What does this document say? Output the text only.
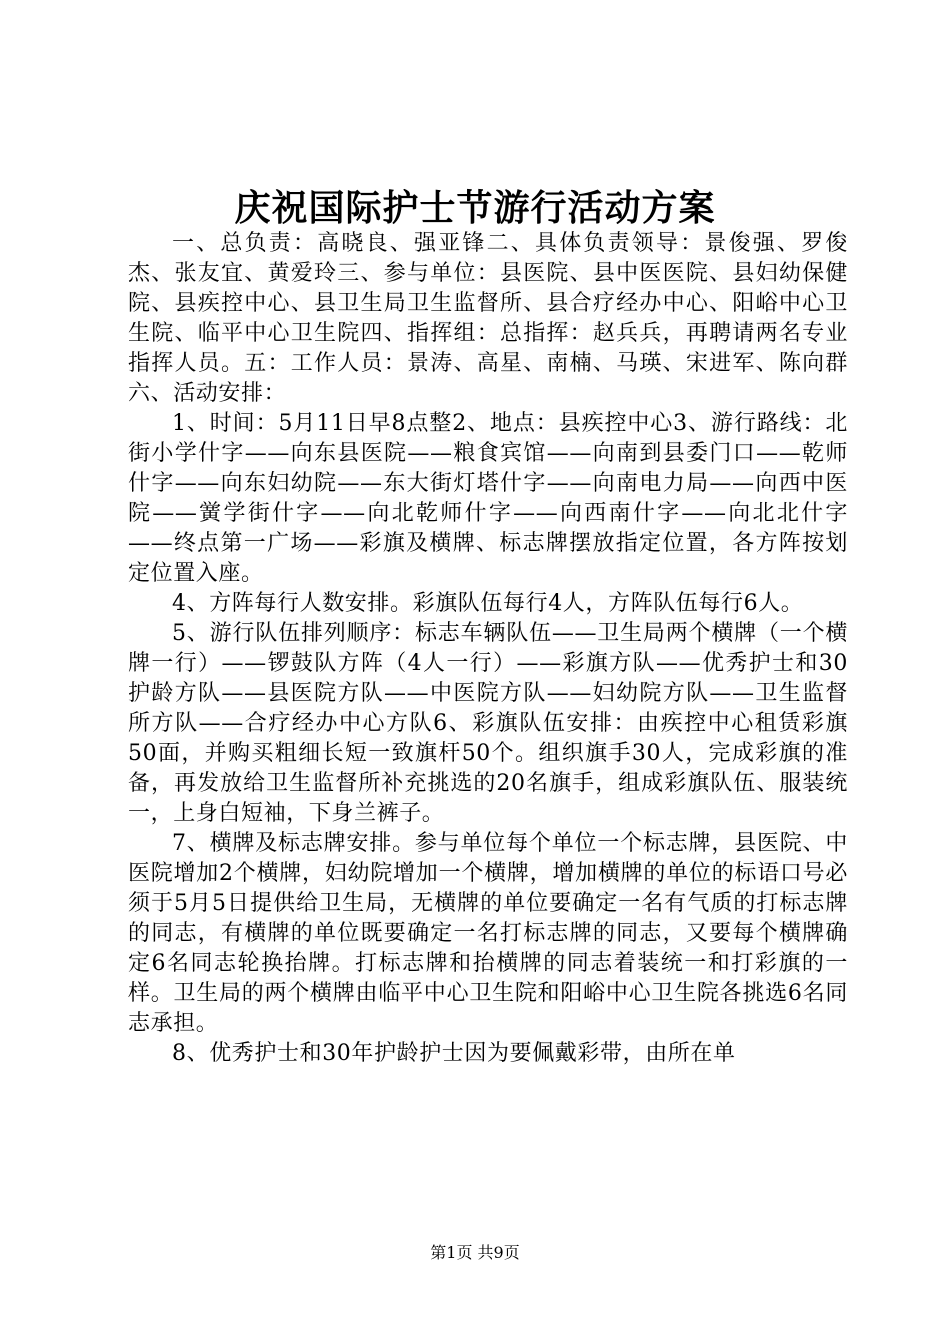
庆祝国际护士节游行活动方案

一、总负责：高晓良、强亚锋二、具体负责领导：景俊强、罗俊杰、张友宜、黄爱玲三、参与单位：县医院、县中医医院、县妇幼保健院、县疾控中心、县卫生局卫生监督所、县合疗经办中心、阳峪中心卫生院、临平中心卫生院四、指挥组：总指挥：赵兵兵，再聘请两名专业指挥人员。五：工作人员：景涛、高星、南楠、马瑛、宋进军、陈向群六、活动安排：

1、时间：5月11日早8点整2、地点：县疾控中心3、游行路线：北街小学什字——向东县医院——粮食宾馆——向南到县委门口——乾师什字——向东妇幼院——东大街灯塔什字——向南电力局——向西中医院——黉学街什字——向北乾师什字——向西南什字——向北北什字——终点第一广场——彩旗及横牌、标志牌摆放指定位置，各方阵按划定位置入座。

4、方阵每行人数安排。彩旗队伍每行4人，方阵队伍每行6人。

5、游行队伍排列顺序：标志车辆队伍——卫生局两个横牌（一个横牌一行）——锣鼓队方阵（4人一行）——彩旗方队——优秀护士和30护龄方队——县医院方队——中医院方队——妇幼院方队——卫生监督所方队——合疗经办中心方队6、彩旗队伍安排：由疾控中心租赁彩旗50面，并购买粗细长短一致旗杆50个。组织旗手30人，完成彩旗的准备，再发放给卫生监督所补充挑选的20名旗手，组成彩旗队伍、服装统一，上身白短袖，下身兰裤子。

7、横牌及标志牌安排。参与单位每个单位一个标志牌，县医院、中医院增加2个横牌，妇幼院增加一个横牌，增加横牌的单位的标语口号必须于5月5日提供给卫生局，无横牌的单位要确定一名有气质的打标志牌的同志，有横牌的单位既要确定一名打标志牌的同志，又要每个横牌确定6名同志轮换抬牌。打标志牌和抬横牌的同志着装统一和打彩旗的一样。卫生局的两个横牌由临平中心卫生院和阳峪中心卫生院各挑选6名同志承担。

8、优秀护士和30年护龄护士因为要佩戴彩带，由所在单

第1页 共9页
